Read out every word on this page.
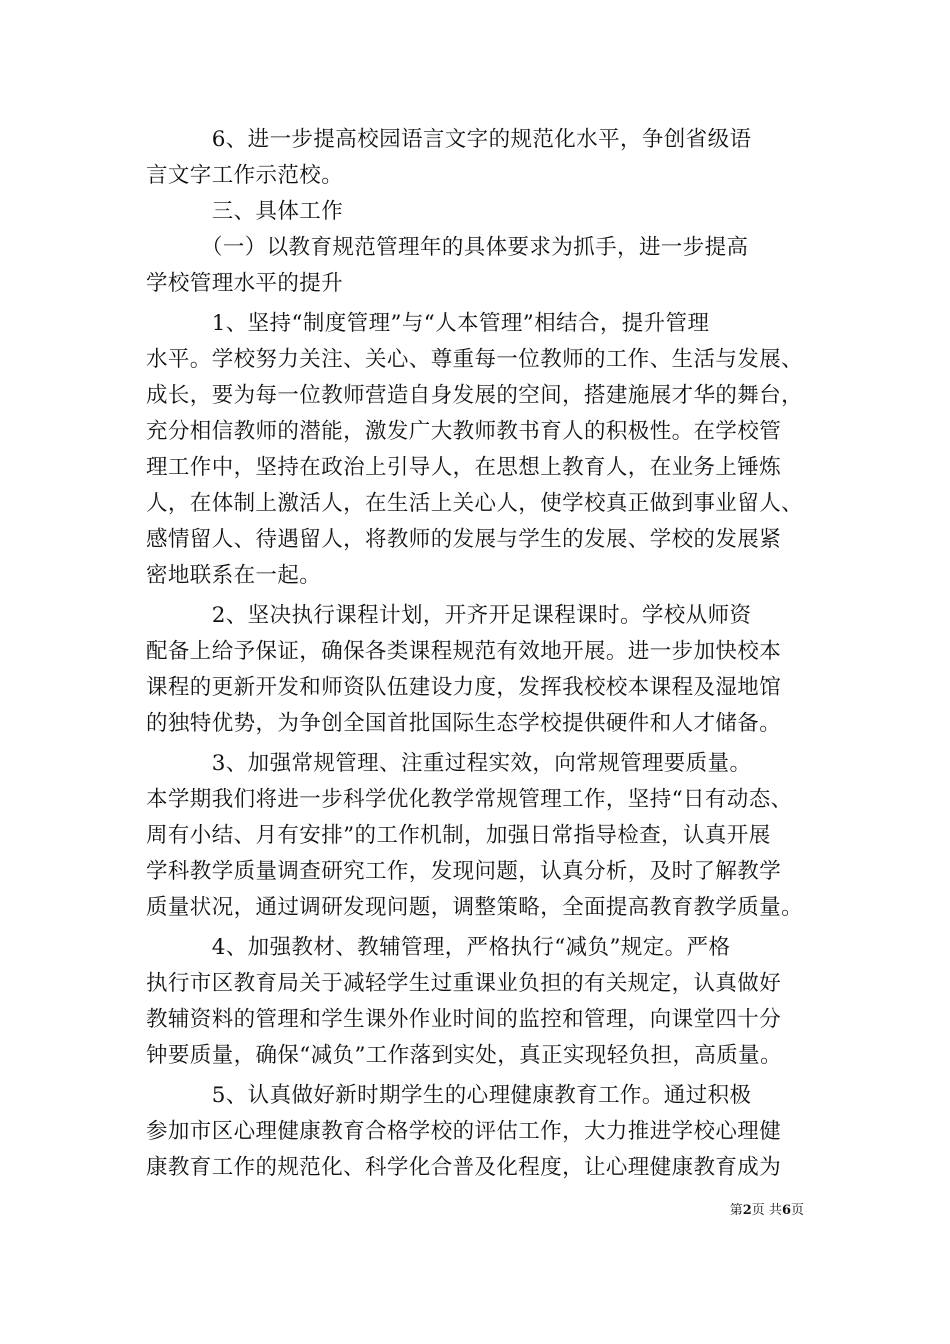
　　　6、进一步提高校园语言文字的规范化水平，争创省级语
言文字工作示范校。
　　　三、具体工作
　　　（一）以教育规范管理年的具体要求为抓手，进一步提高
学校管理水平的提升
　　　1、坚持“制度管理”与“人本管理”相结合，提升管理
水平。学校努力关注、关心、尊重每一位教师的工作、生活与发展、
成长，要为每一位教师营造自身发展的空间，搭建施展才华的舞台，
充分相信教师的潜能，激发广大教师教书育人的积极性。在学校管
理工作中，坚持在政治上引导人，在思想上教育人，在业务上锤炼
人，在体制上激活人，在生活上关心人，使学校真正做到事业留人、
感情留人、待遇留人，将教师的发展与学生的发展、学校的发展紧
密地联系在一起。
　　　2、坚决执行课程计划，开齐开足课程课时。学校从师资
配备上给予保证，确保各类课程规范有效地开展。进一步加快校本
课程的更新开发和师资队伍建设力度，发挥我校校本课程及湿地馆
的独特优势，为争创全国首批国际生态学校提供硬件和人才储备。
　　　3、加强常规管理、注重过程实效，向常规管理要质量。
本学期我们将进一步科学优化教学常规管理工作，坚持“日有动态、
周有小结、月有安排”的工作机制，加强日常指导检查，认真开展
学科教学质量调查研究工作，发现问题，认真分析，及时了解教学
质量状况，通过调研发现问题，调整策略，全面提高教育教学质量。
　　　4、加强教材、教辅管理，严格执行“减负”规定。严格
执行市区教育局关于减轻学生过重课业负担的有关规定，认真做好
教辅资料的管理和学生课外作业时间的监控和管理，向课堂四十分
钟要质量，确保“减负”工作落到实处，真正实现轻负担，高质量。
　　　5、认真做好新时期学生的心理健康教育工作。通过积极
参加市区心理健康教育合格学校的评估工作，大力推进学校心理健
康教育工作的规范化、科学化合普及化程度，让心理健康教育成为
第2页 共6页
